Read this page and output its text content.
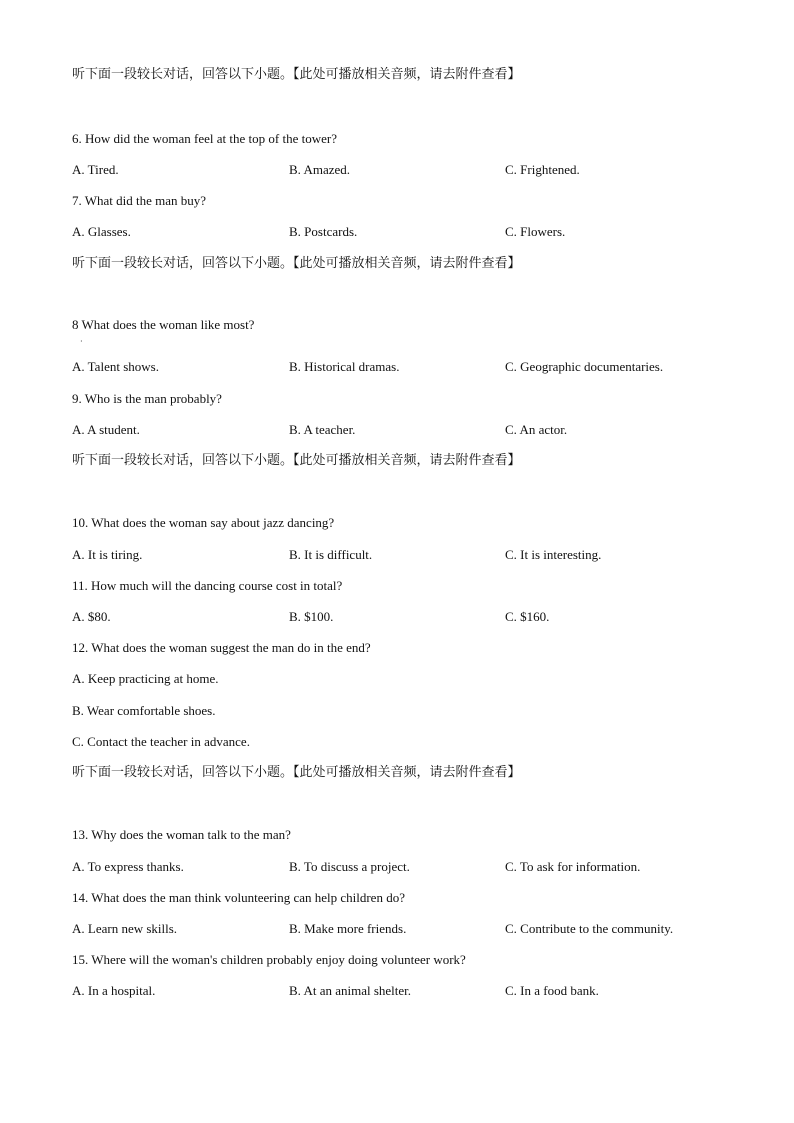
听下面一段较长对话，回答以下小题。【此处可播放相关音频，请去附件查看】
6. How did the woman feel at the top of the tower?
A. Tired.	B. Amazed.	C. Frightened.
7. What did the man buy?
A. Glasses.	B. Postcards.	C. Flowers.
听下面一段较长对话，回答以下小题。【此处可播放相关音频，请去附件查看】
8 What does the woman like most?
·
A. Talent shows.	B. Historical dramas.	C. Geographic documentaries.
9. Who is the man probably?
A. A student.	B. A teacher.	C. An actor.
听下面一段较长对话，回答以下小题。【此处可播放相关音频，请去附件查看】
10. What does the woman say about jazz dancing?
A. It is tiring.	B. It is difficult.	C. It is interesting.
11. How much will the dancing course cost in total?
A. $80.	B. $100.	C. $160.
12. What does the woman suggest the man do in the end?
A. Keep practicing at home.
B. Wear comfortable shoes.
C. Contact the teacher in advance.
听下面一段较长对话，回答以下小题。【此处可播放相关音频，请去附件查看】
13. Why does the woman talk to the man?
A. To express thanks.	B. To discuss a project.	C. To ask for information.
14. What does the man think volunteering can help children do?
A. Learn new skills.	B. Make more friends.	C. Contribute to the community.
15. Where will the woman's children probably enjoy doing volunteer work?
A. In a hospital.	B. At an animal shelter.	C. In a food bank.
